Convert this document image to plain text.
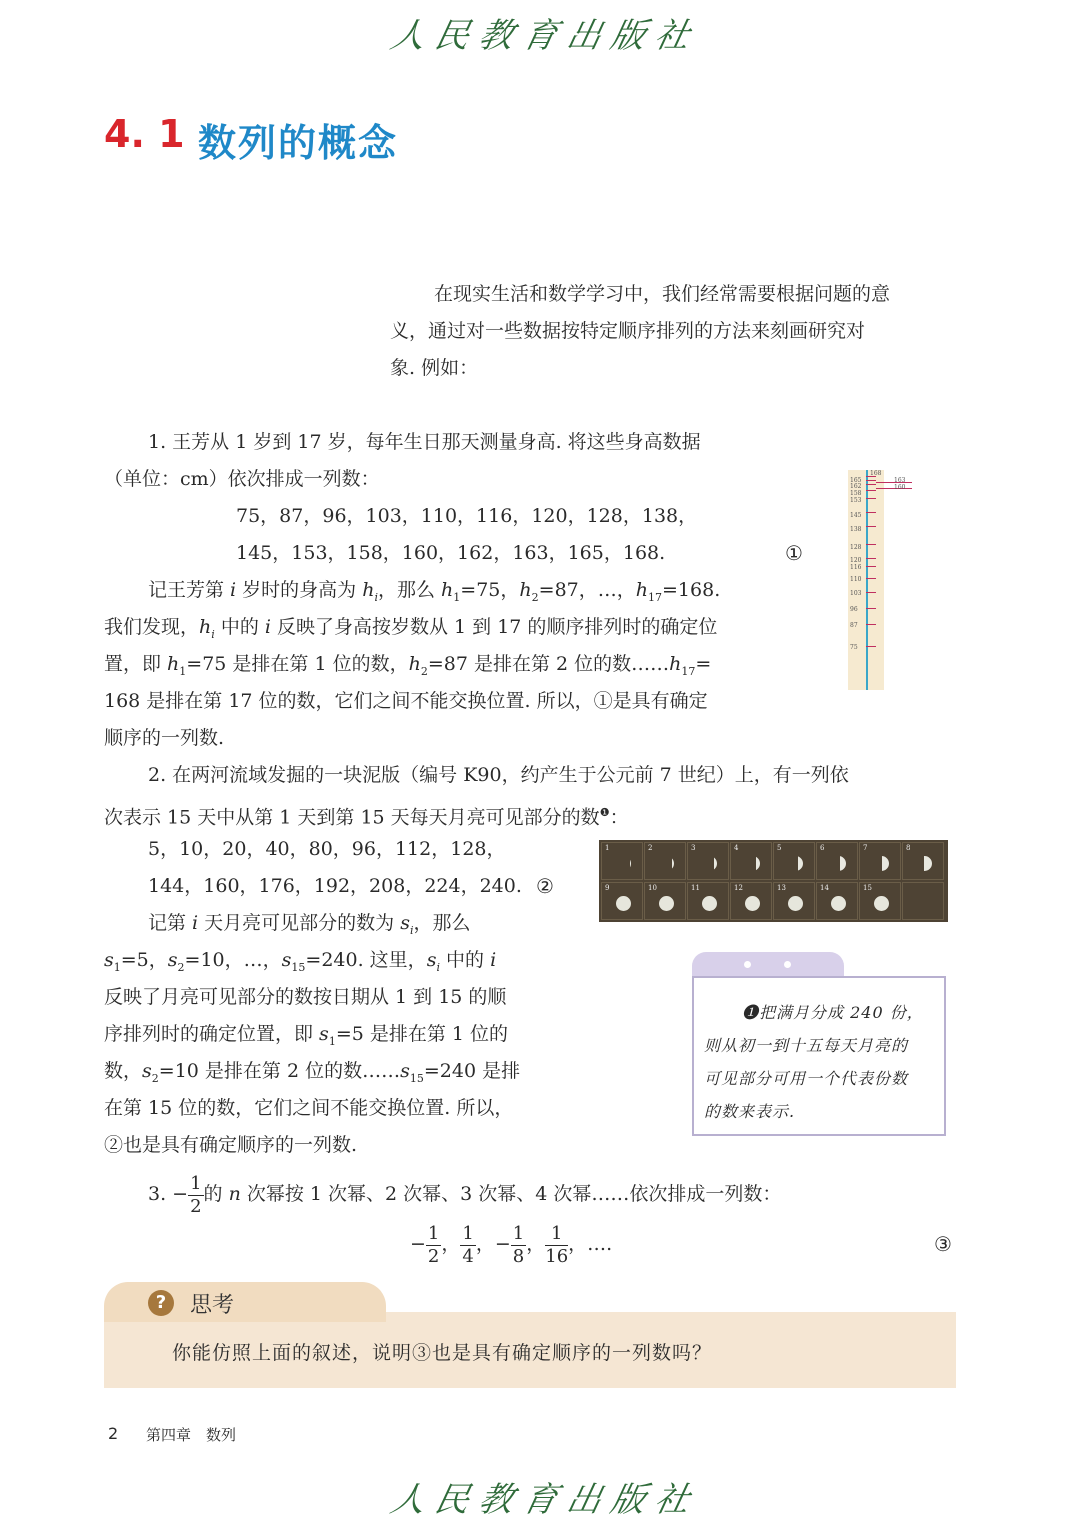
人民教育出版社
4. 1 数列的概念
在现实生活和数学学习中，我们经常需要根据问题的意
义，通过对一些数据按特定顺序排列的方法来刻画研究对
象. 例如：
1. 王芳从 1 岁到 17 岁，每年生日那天测量身高. 将这些身高数据
（单位：cm）依次排成一列数：
75，87，96，103，110，116，120，128，138，
145，153，158，160，162，163，165，168.	①
记王芳第 i 岁时的身高为 $h_i$，那么 $h_1=75$，$h_2=87$，…，$h_{17}=168$.
我们发现，$h_i$ 中的 i 反映了身高按岁数从 1 到 17 的顺序排列时的确定位
置，即 $h_1=75$ 是排在第 1 位的数，$h_2=87$ 是排在第 2 位的数$\dots\dots h_{17}=$
168 是排在第 17 位的数，它们之间不能交换位置. 所以，①是具有确定
顺序的一列数.
168
165
162
158
153
145
138
128
120
116
110
103
96
87
75
163
160
2. 在两河流域发掘的一块泥版（编号 K90，约产生于公元前 7 世纪）上，有一列依
次表示 15 天中从第 1 天到第 15 天每天月亮可见部分的数$^❶$：
5，10，20，40，80，96，112，128，
144，160，176，192，208，224，240. ②
记第 i 天月亮可见部分的数为 $s_i$，那么
$s_1=5$，$s_2=10$，…，$s_{15}=240$. 这里，$s_i$ 中的 i
反映了月亮可见部分的数按日期从 1 到 15 的顺
序排列时的确定位置，即 $s_1=5$ 是排在第 1 位的
数，$s_2=10$ 是排在第 2 位的数$\dots\dots s_{15}=240$ 是排
在第 15 位的数，它们之间不能交换位置. 所以，
②也是具有确定顺序的一列数.
1	2	3	4	5	6	7	8
9	10	11	12	13	14	15
❶把满月分成 240 份，
则从初一到十五每天月亮的
可见部分可用一个代表份数
的数来表示.
3. − $\frac{1}{2}$ 的 n 次幂按 1 次幂、2 次幂、3 次幂、4 次幂……依次排成一列数：
− $\frac{1}{2}$ ， $\frac{1}{4}$ ，− $\frac{1}{8}$ ， $\frac{1}{16}$ ，….	③
?	思考
你能仿照上面的叙述，说明③也是具有确定顺序的一列数吗？
2 第四章　数列
人民教育出版社
